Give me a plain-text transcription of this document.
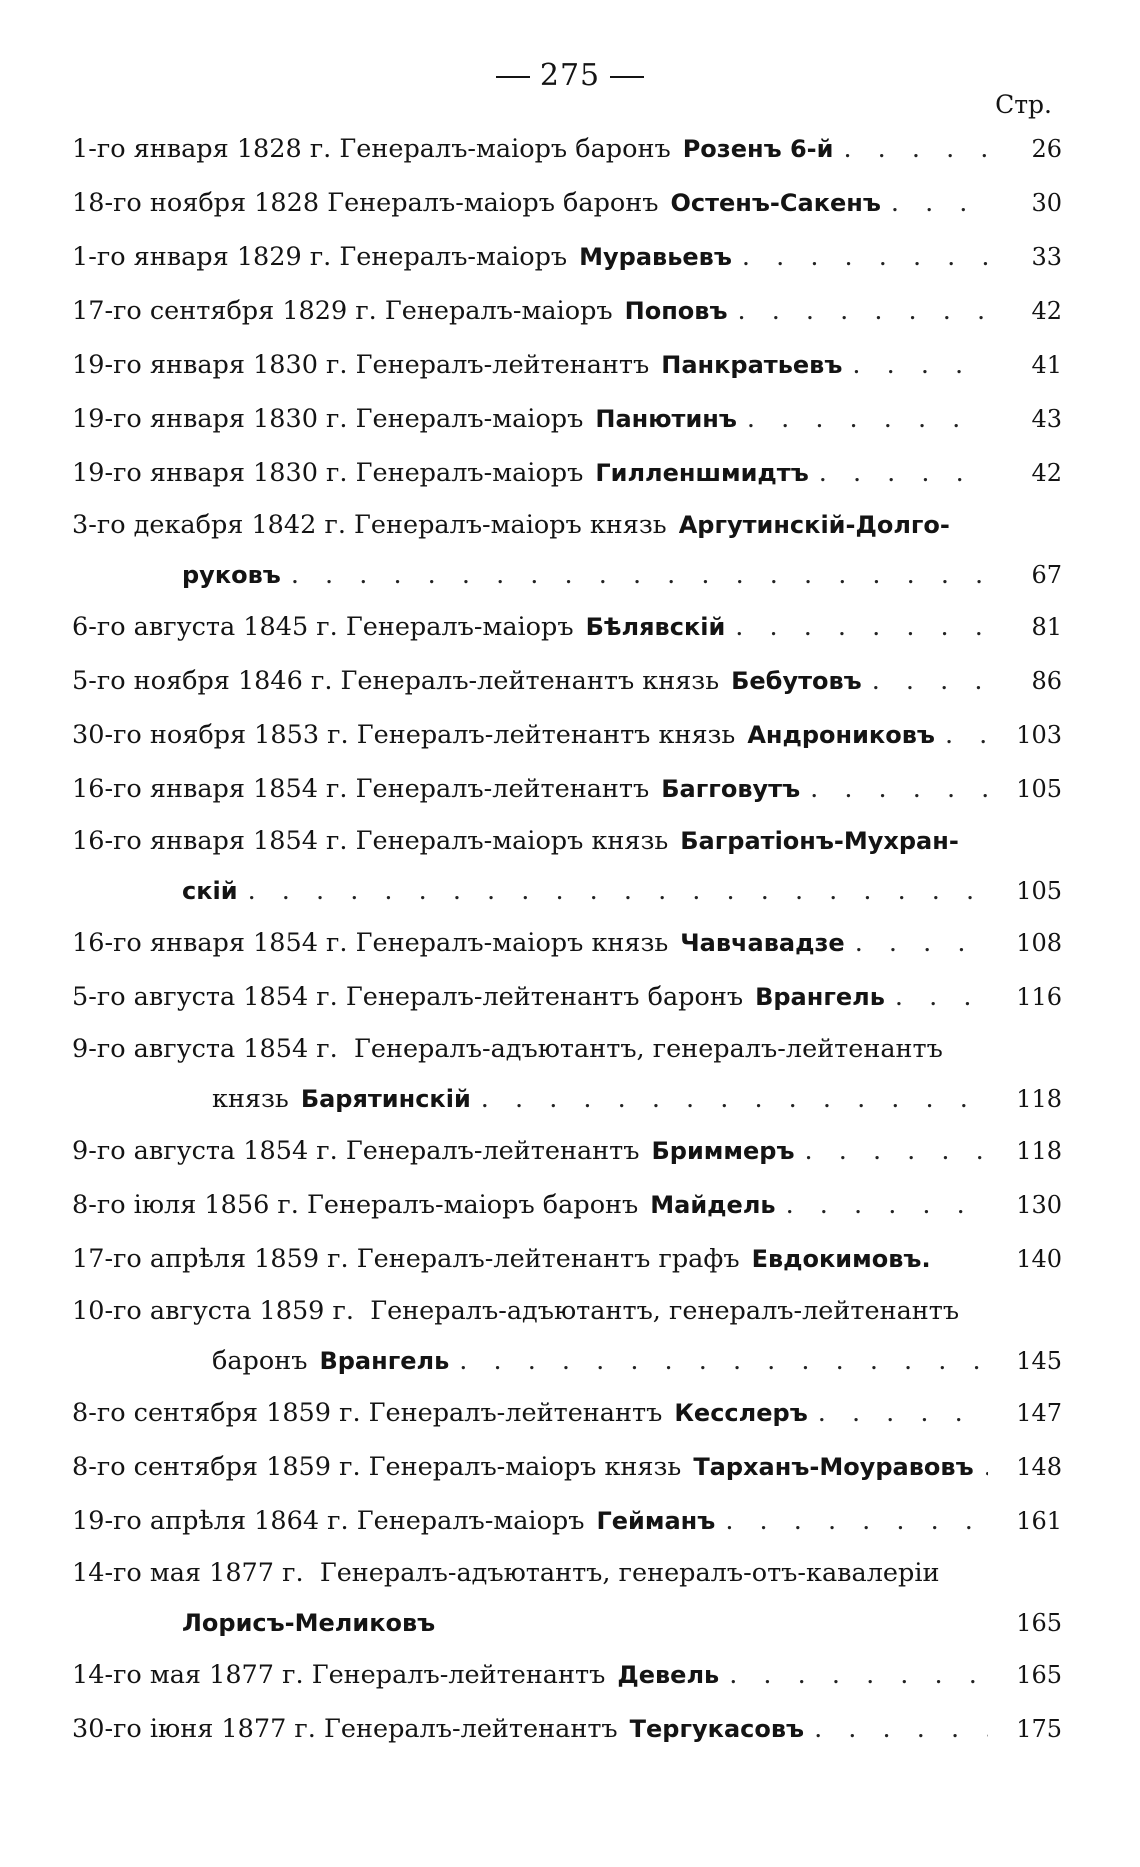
275
Стр.
1-го января 1828 г.
Генералъ-маiоръ баронъ Розенъ 6-й . . .	26
18-го ноября 1828
Генералъ-маiоръ баронъ Остенъ-Сакенъ . . .	30
1-го января 1829 г.
Генералъ-маiоръ Муравьевъ . . .	33
17-го сентября 1829 г.
Генералъ-маiоръ Поповъ . . .	42
19-го января 1830 г.
Генералъ-лейтенантъ Панкратьевъ . . .	41
19-го января 1830 г.
Генералъ-маiоръ Панютинъ . . .	43
19-го января 1830 г.
Генералъ-маiоръ Гилленшмидтъ . . .	42
3-го декабря 1842 г.
Генералъ-маiоръ князь Аргутинскiй-Долго-
руковъ . . .	67
6-го августа 1845 г.
Генералъ-маiоръ Бѣлявскiй . . .	81
5-го ноября 1846 г.
Генералъ-лейтенантъ князь Бебутовъ . . .	86
30-го ноября 1853 г.
Генералъ-лейтенантъ князь Андрониковъ . . .	103
16-го января 1854 г.
Генералъ-лейтенантъ Багговутъ . . .	105
16-го января 1854 г.
Генералъ-маiоръ князь Багратiонъ-Мухран-
скiй . . .	105
16-го января 1854 г.
Генералъ-маiоръ князь Чавчавадзе . . .	108
5-го августа 1854 г.
Генералъ-лейтенантъ баронъ Врангель . . .	116
9-го августа 1854 г.
Генералъ-адъютантъ, генералъ-лейтенантъ
князь Барятинскiй . . .	118
9-го августа 1854 г.
Генералъ-лейтенантъ Бриммеръ . . .	118
8-го iюля 1856 г.
Генералъ-маiоръ баронъ Майдель . . .	130
17-го апрѣля 1859 г.
Генералъ-лейтенантъ графъ Евдокимовъ.	140
10-го августа 1859 г.
Генералъ-адъютантъ, генералъ-лейтенантъ
баронъ Врангель . . .	145
8-го сентября 1859 г.
Генералъ-лейтенантъ Кесслеръ . . .	147
8-го сентября 1859 г.
Генералъ-маiоръ князь Тарханъ-Моуравовъ . . .	148
19-го апрѣля 1864 г.
Генералъ-маiоръ Гейманъ . . .	161
14-го мая 1877 г.
Генералъ-адъютантъ, генералъ-отъ-кавалерiи
Лорисъ-Меликовъ	165
14-го мая 1877 г.
Генералъ-лейтенантъ Девель . . .	165
30-го iюня 1877 г.
Генералъ-лейтенантъ Тергукасовъ . . .	175
